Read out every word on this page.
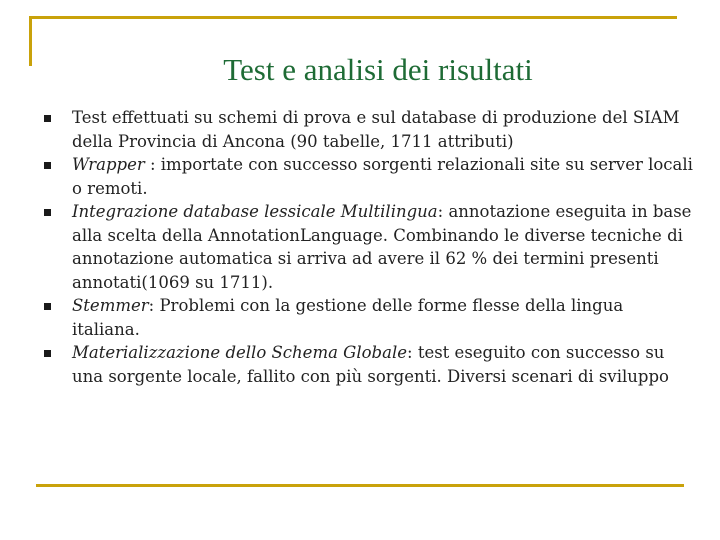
Test e analisi dei risultati
Test effettuati su schemi di prova e sul database di produzione del SIAM della Provincia di Ancona (90 tabelle, 1711 attributi)
Wrapper : importate con successo sorgenti relazionali site su server locali o remoti.
Integrazione database lessicale Multilingua: annotazione eseguita in base alla scelta della AnnotationLanguage. Combinando le diverse tecniche di annotazione automatica si arriva ad avere il 62 % dei termini presenti annotati(1069 su 1711).
Stemmer: Problemi con la gestione delle forme flesse della lingua italiana.
Materializzazione dello Schema Globale: test eseguito con successo su una sorgente locale, fallito con più sorgenti. Diversi scenari di sviluppo
